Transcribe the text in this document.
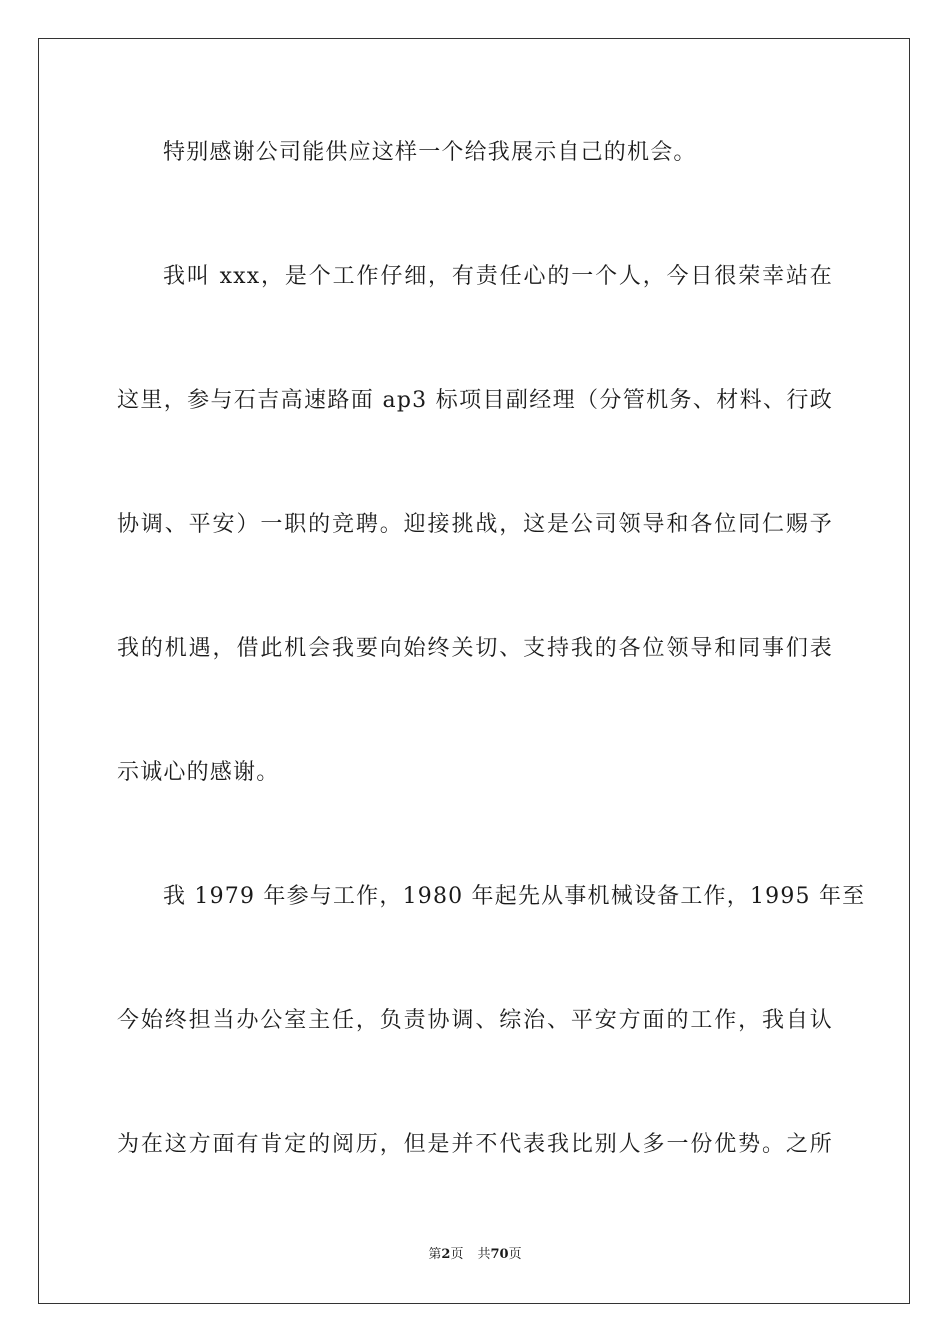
特别感谢公司能供应这样一个给我展示自己的机会。
我叫 xxx，是个工作仔细，有责任心的一个人，今日很荣幸站在
这里，参与石吉高速路面 ap3 标项目副经理（分管机务、材料、行政
协调、平安）一职的竞聘。迎接挑战，这是公司领导和各位同仁赐予
我的机遇，借此机会我要向始终关切、支持我的各位领导和同事们表
示诚心的感谢。
我 1979 年参与工作，1980 年起先从事机械设备工作，1995 年至
今始终担当办公室主任，负责协调、综治、平安方面的工作，我自认
为在这方面有肯定的阅历，但是并不代表我比别人多一份优势。之所
第2页 共70页
